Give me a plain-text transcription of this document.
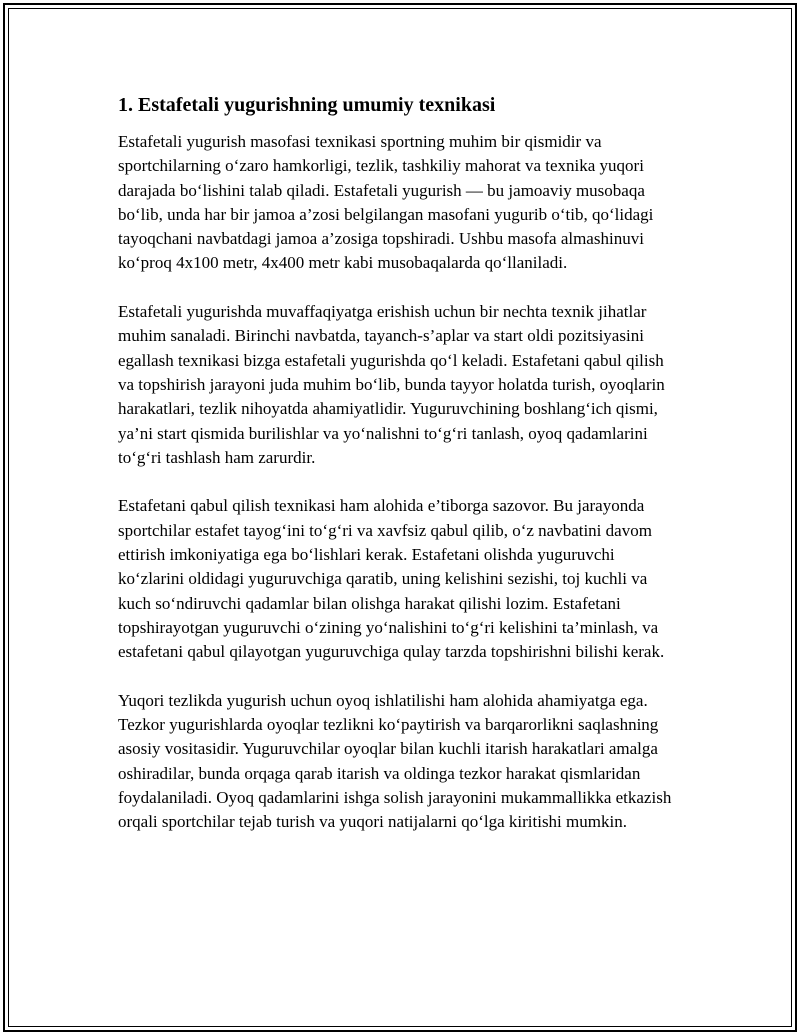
1. Estafetali yugurishning umumiy texnikasi

Estafetali yugurish masofasi texnikasi sportning muhim bir qismidir va sportchilarning o‘zaro hamkorligi, tezlik, tashkiliy mahorat va texnika yuqori darajada bo‘lishini talab qiladi. Estafetali yugurish — bu jamoaviy musobaqa bo‘lib, unda har bir jamoa a’zosi belgilangan masofani yugurib o‘tib, qo‘lidagi tayoqchani navbatdagi jamoa a’zosiga topshiradi. Ushbu masofa almashinuvi ko‘proq 4x100 metr, 4x400 metr kabi musobaqalarda qo‘llaniladi.

Estafetali yugurishda muvaffaqiyatga erishish uchun bir nechta texnik jihatlar muhim sanaladi. Birinchi navbatda, tayanch-s’aplar va start oldi pozitsiyasini egallash texnikasi bizga estafetali yugurishda qo‘l keladi. Estafetani qabul qilish va topshirish jarayoni juda muhim bo‘lib, bunda tayyor holatda turish, oyoqlarin harakatlari, tezlik nihoyatda ahamiyatlidir. Yuguruvchining boshlang‘ich qismi, ya’ni start qismida burilishlar va yo‘nalishni to‘g‘ri tanlash, oyoq qadamlarini to‘g‘ri tashlash ham zarurdir.

Estafetani qabul qilish texnikasi ham alohida e’tiborga sazovor. Bu jarayonda sportchilar estafet tayog‘ini to‘g‘ri va xavfsiz qabul qilib, o‘z navbatini davom ettirish imkoniyatiga ega bo‘lishlari kerak. Estafetani olishda yuguruvchi ko‘zlarini oldidagi yuguruvchiga qaratib, uning kelishini sezishi, toj kuchli va kuch so‘ndiruvchi qadamlar bilan olishga harakat qilishi lozim. Estafetani topshirayotgan yuguruvchi o‘zining yo‘nalishini to‘g‘ri kelishini ta’minlash, va estafetani qabul qilayotgan yuguruvchiga qulay tarzda topshirishni bilishi kerak.

Yuqori tezlikda yugurish uchun oyoq ishlatilishi ham alohida ahamiyatga ega. Tezkor yugurishlarda oyoqlar tezlikni ko‘paytirish va barqarorlikni saqlashning asosiy vositasidir. Yuguruvchilar oyoqlar bilan kuchli itarish harakatlari amalga oshiradilar, bunda orqaga qarab itarish va oldinga tezkor harakat qismlaridan foydalaniladi. Oyoq qadamlarini ishga solish jarayonini mukammallikka etkazish orqali sportchilar tejab turish va yuqori natijalarni qo‘lga kiritishi mumkin.
